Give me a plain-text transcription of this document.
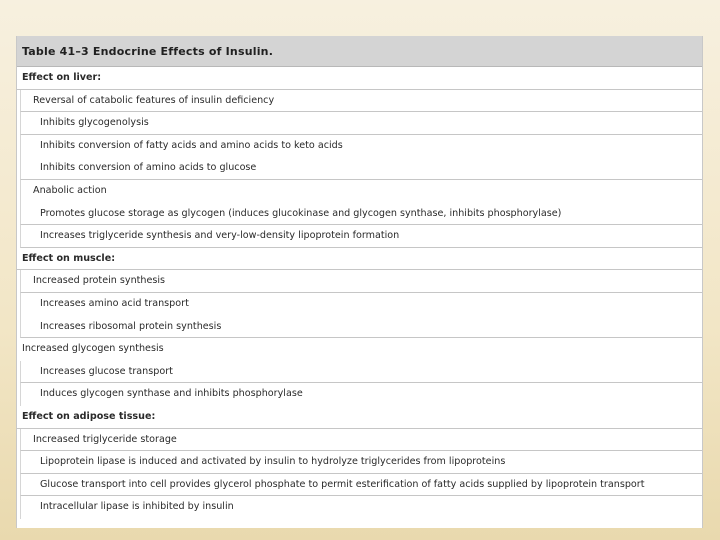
Table 41–3 Endocrine Effects of Insulin.
Effect on liver:
Reversal of catabolic features of insulin deficiency
Inhibits glycogenolysis
Inhibits conversion of fatty acids and amino acids to keto acids
Inhibits conversion of amino acids to glucose
Anabolic action
Promotes glucose storage as glycogen (induces glucokinase and glycogen synthase, inhibits phosphorylase)
Increases triglyceride synthesis and very-low-density lipoprotein formation
Effect on muscle:
Increased protein synthesis
Increases amino acid transport
Increases ribosomal protein synthesis
Increased glycogen synthesis
Increases glucose transport
Induces glycogen synthase and inhibits phosphorylase
Effect on adipose tissue:
Increased triglyceride storage
Lipoprotein lipase is induced and activated by insulin to hydrolyze triglycerides from lipoproteins
Glucose transport into cell provides glycerol phosphate to permit esterification of fatty acids supplied by lipoprotein transport
Intracellular lipase is inhibited by insulin
